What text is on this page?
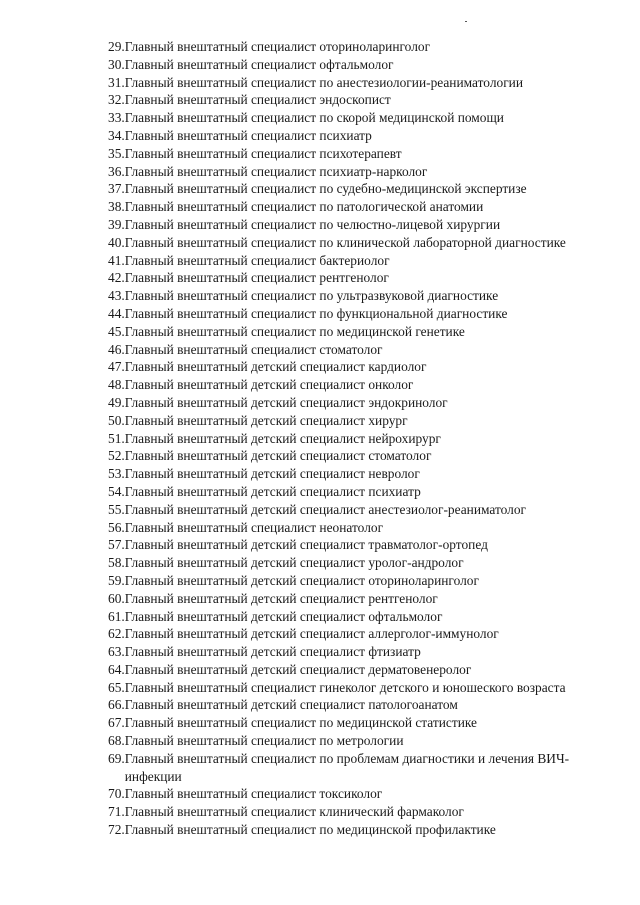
29. Главный внештатный специалист оториноларинголог
30. Главный внештатный специалист офтальмолог
31. Главный внештатный специалист по анестезиологии-реаниматологии
32. Главный внештатный специалист эндоскопист
33. Главный внештатный специалист по скорой медицинской помощи
34. Главный внештатный специалист психиатр
35. Главный внештатный специалист психотерапевт
36. Главный внештатный специалист психиатр-нарколог
37. Главный внештатный специалист по судебно-медицинской экспертизе
38. Главный внештатный специалист по патологической анатомии
39. Главный внештатный специалист по челюстно-лицевой хирургии
40. Главный внештатный специалист по клинической лабораторной диагностике
41. Главный внештатный специалист бактериолог
42. Главный внештатный специалист рентгенолог
43. Главный внештатный специалист по ультразвуковой диагностике
44. Главный внештатный специалист по функциональной диагностике
45. Главный внештатный специалист по медицинской генетике
46. Главный внештатный специалист стоматолог
47. Главный внештатный детский специалист кардиолог
48. Главный внештатный детский специалист онколог
49. Главный внештатный детский специалист эндокринолог
50. Главный внештатный детский специалист хирург
51. Главный внештатный детский специалист нейрохирург
52. Главный внештатный детский специалист стоматолог
53. Главный внештатный детский специалист невролог
54. Главный внештатный детский специалист психиатр
55. Главный внештатный детский специалист анестезиолог-реаниматолог
56. Главный внештатный специалист неонатолог
57. Главный внештатный детский специалист травматолог-ортопед
58. Главный внештатный детский специалист уролог-андролог
59. Главный внештатный детский специалист оториноларинголог
60. Главный внештатный детский специалист рентгенолог
61. Главный внештатный детский специалист офтальмолог
62. Главный внештатный детский специалист аллерголог-иммунолог
63. Главный внештатный детский специалист фтизиатр
64. Главный внештатный детский специалист дерматовенеролог
65. Главный внештатный специалист гинеколог детского и юношеского возраста
66. Главный внештатный детский специалист патологоанатом
67. Главный внештатный специалист по медицинской статистике
68. Главный внештатный специалист по метрологии
69. Главный внештатный специалист по проблемам диагностики и лечения ВИЧ-инфекции
70. Главный внештатный специалист токсиколог
71. Главный внештатный специалист клинический фармаколог
72. Главный внештатный специалист по медицинской профилактике
